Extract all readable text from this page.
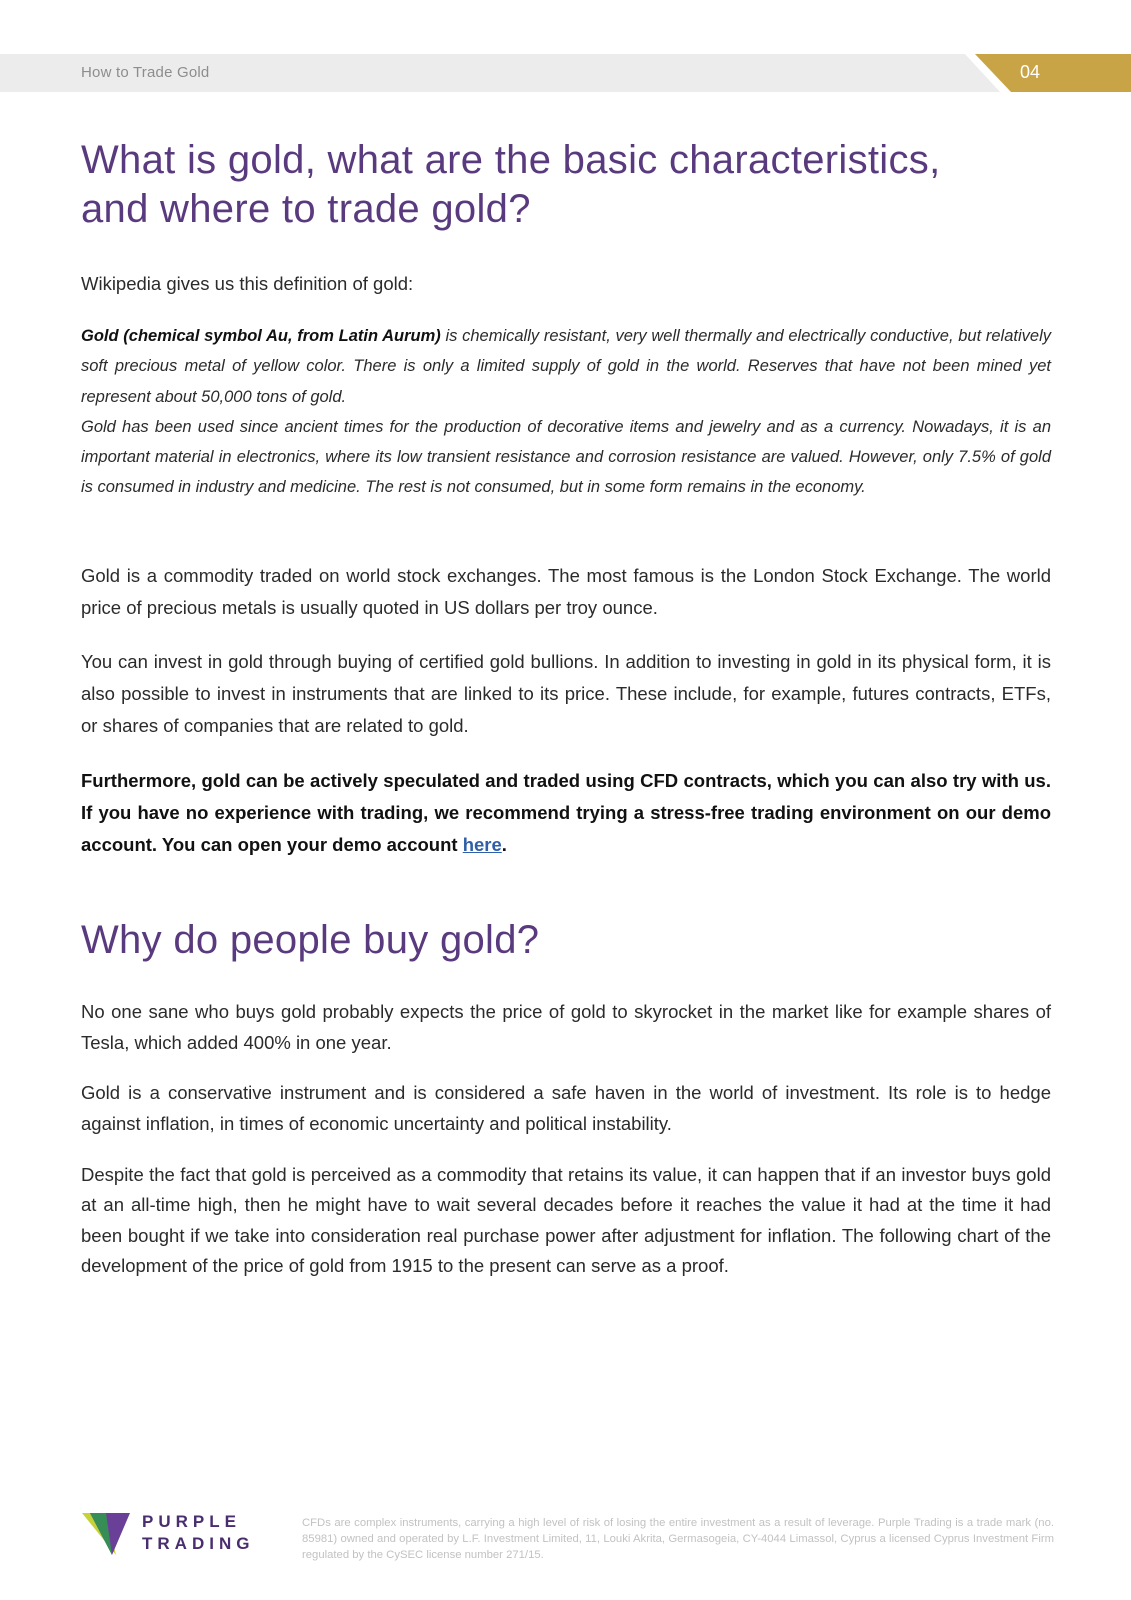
How to Trade Gold	04
What is gold, what are the basic characteristics,
and where to trade gold?

Wikipedia gives us this definition of gold:

Gold (chemical symbol Au, from Latin Aurum) is chemically resistant, very well thermally and electrically conductive, but relatively soft precious metal of yellow color. There is only a limited supply of gold in the world. Reserves that have not been mined yet represent about 50,000 tons of gold.

Gold has been used since ancient times for the production of decorative items and jewelry and as a currency. Nowadays, it is an important material in electronics, where its low transient resistance and corrosion resistance are valued. However, only 7.5% of gold is consumed in industry and medicine. The rest is not consumed, but in some form remains in the economy.

Gold is a commodity traded on world stock exchanges. The most famous is the London Stock Exchange. The world price of precious metals is usually quoted in US dollars per troy ounce.

You can invest in gold through buying of certified gold bullions. In addition to investing in gold in its physical form, it is also possible to invest in instruments that are linked to its price. These include, for example, futures contracts, ETFs, or shares of companies that are related to gold.

Furthermore, gold can be actively speculated and traded using CFD contracts, which you can also try with us. If you have no experience with trading, we recommend trying a stress-free trading environment on our demo account. You can open your demo account here.

Why do people buy gold?

No one sane who buys gold probably expects the price of gold to skyrocket in the market like for example shares of Tesla, which added 400% in one year.

Gold is a conservative instrument and is considered a safe haven in the world of investment. Its role is to hedge against inflation, in times of economic uncertainty and political instability.

Despite the fact that gold is perceived as a commodity that retains its value, it can happen that if an investor buys gold at an all-time high, then he might have to wait several decades before it reaches the value it had at the time it had been bought if we take into consideration real purchase power after adjustment for inflation. The following chart of the development of the price of gold from 1915 to the present can serve as a proof.

PURPLE
TRADING

CFDs are complex instruments, carrying a high level of risk of losing the entire investment as a result of leverage. Purple Trading is a trade mark (no. 85981) owned and operated by L.F. Investment Limited, 11, Louki Akrita, Germasogeia, CY-4044 Limassol, Cyprus a licensed Cyprus Investment Firm regulated by the CySEC license number 271/15.
